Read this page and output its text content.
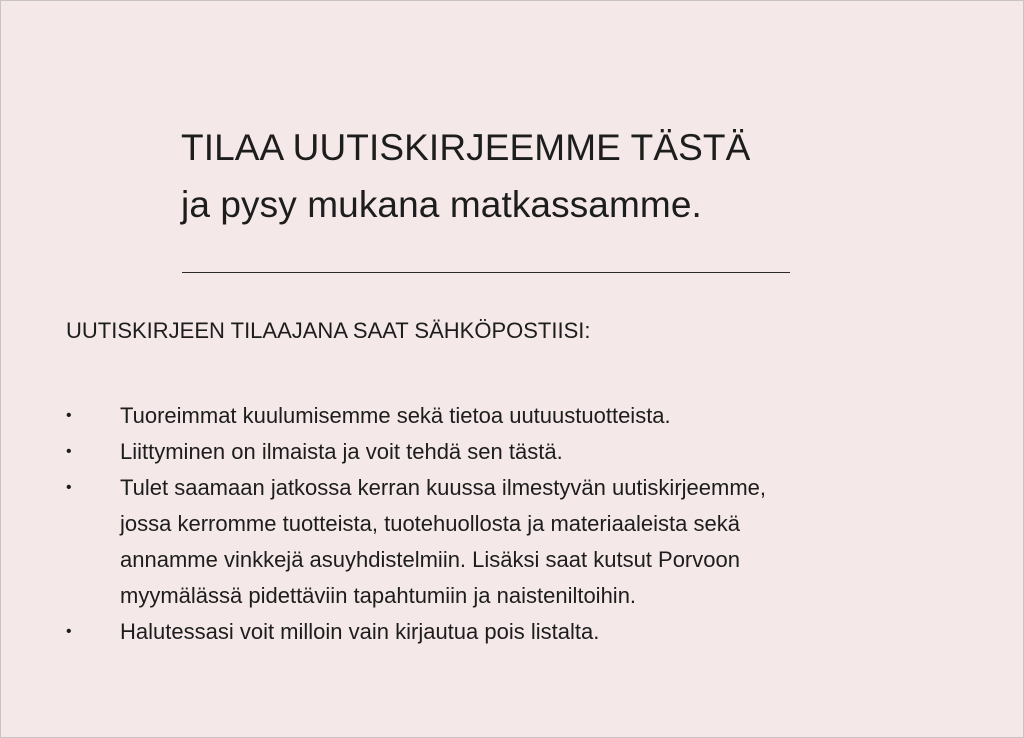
TILAA UUTISKIRJEEMME TÄSTÄ
ja pysy mukana matkassamme.
UUTISKIRJEEN TILAAJANA SAAT SÄHKÖPOSTIISI:
•	Tuoreimmat kuulumisemme sekä tietoa uutuustuotteista.
•	Liittyminen on ilmaista ja voit tehdä sen tästä.
•	Tulet saamaan jatkossa kerran kuussa ilmestyvän uutiskirjeemme,
jossa kerromme tuotteista, tuotehuollosta ja materiaaleista sekä
annamme vinkkejä asuyhdistelmiin. Lisäksi saat kutsut Porvoon
myymälässä pidettäviin tapahtumiin ja naisteniltoihin.
•	Halutessasi voit milloin vain kirjautua pois listalta.
